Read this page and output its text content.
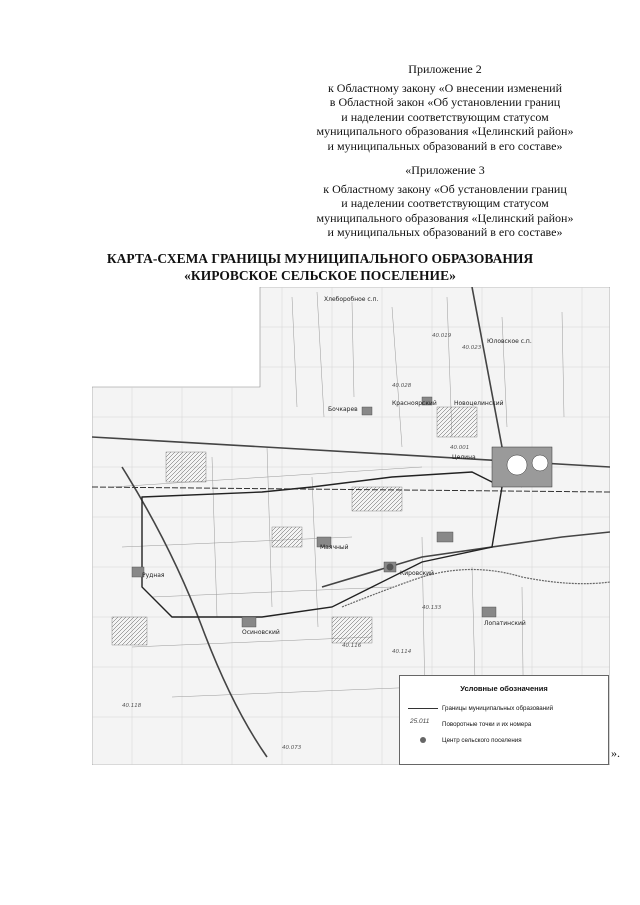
Приложение 2
к Областному закону «О внесении изменений
в Областной закон «Об установлении границ
и наделении соответствующим статусом
муниципального образования «Целинский район»
и муниципальных образований в его составе»
«Приложение 3
к Областному закону «Об установлении границ
и наделении соответствующим статусом
муниципального образования «Целинский район»
и муниципальных образований в его составе»
КАРТА-СХЕМА ГРАНИЦЫ МУНИЦИПАЛЬНОГО ОБРАЗОВАНИЯ
«КИРОВСКОЕ СЕЛЬСКОЕ ПОСЕЛЕНИЕ»
Хлеборобное с.п.
Юловское с.п.
Красноярский	Новоцелинский
Бочкарев
Целина
Кировский
Маячный
Рудная
Осиновский
Лопатинский
40.023
40.019
40.028
40.001
40.133
40.116
40.114
40.073
40.118
Условные обозначения
Границы муниципальных образований
25.011 Поворотные точки и их номера
Центр сельского поселения
».
